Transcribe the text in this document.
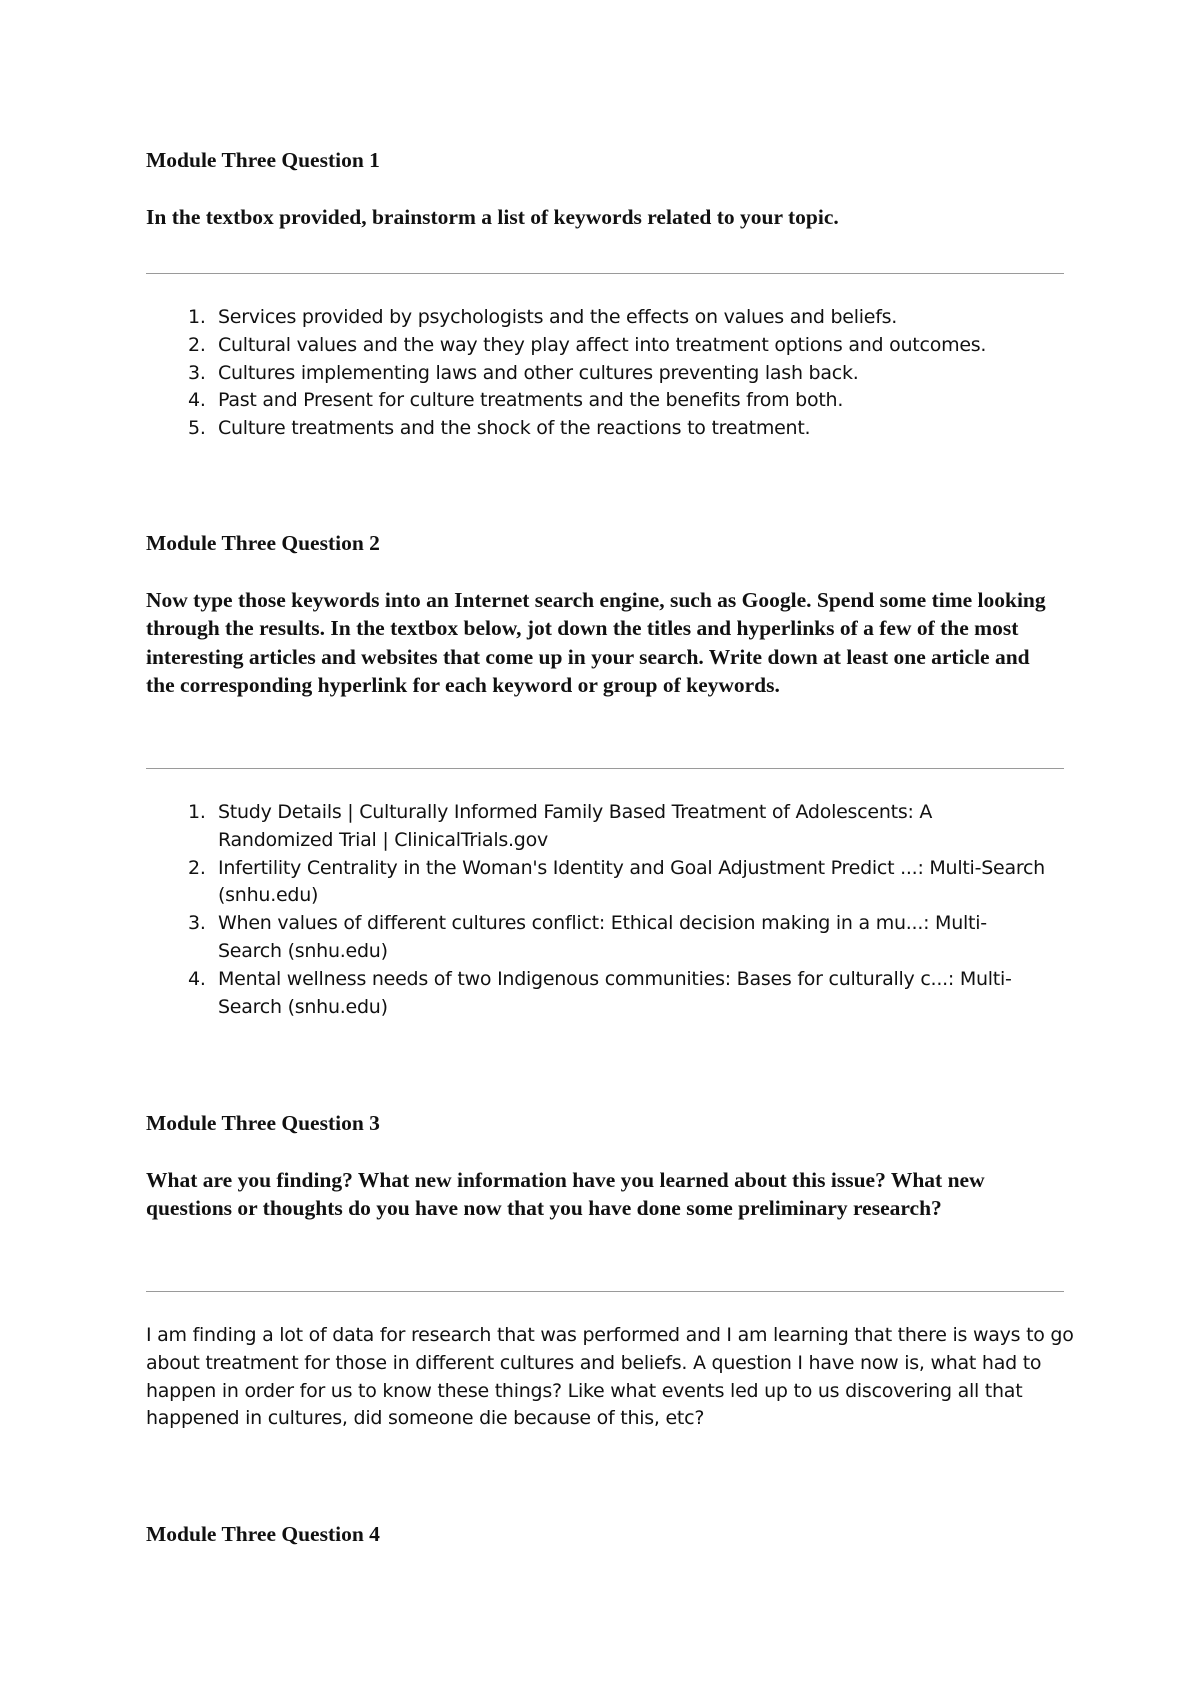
Module Three Question 1

In the textbox provided, brainstorm a list of keywords related to your topic.

1. Services provided by psychologists and the effects on values and beliefs.
2. Cultural values and the way they play affect into treatment options and outcomes.
3. Cultures implementing laws and other cultures preventing lash back.
4. Past and Present for culture treatments and the benefits from both.
5. Culture treatments and the shock of the reactions to treatment.
Module Three Question 2

Now type those keywords into an Internet search engine, such as Google. Spend some time looking through the results. In the textbox below, jot down the titles and hyperlinks of a few of the most interesting articles and websites that come up in your search. Write down at least one article and the corresponding hyperlink for each keyword or group of keywords.

1. Study Details | Culturally Informed Family Based Treatment of Adolescents: A Randomized Trial | ClinicalTrials.gov
2. Infertility Centrality in the Woman's Identity and Goal Adjustment Predict ...: Multi-Search (snhu.edu)
3. When values of different cultures conflict: Ethical decision making in a mu...: Multi-Search (snhu.edu)
4. Mental wellness needs of two Indigenous communities: Bases for culturally c...: Multi-Search (snhu.edu)
Module Three Question 3

What are you finding? What new information have you learned about this issue? What new questions or thoughts do you have now that you have done some preliminary research?

I am finding a lot of data for research that was performed and I am learning that there is ways to go about treatment for those in different cultures and beliefs. A question I have now is, what had to happen in order for us to know these things? Like what events led up to us discovering all that happened in cultures, did someone die because of this, etc?

Module Three Question 4
